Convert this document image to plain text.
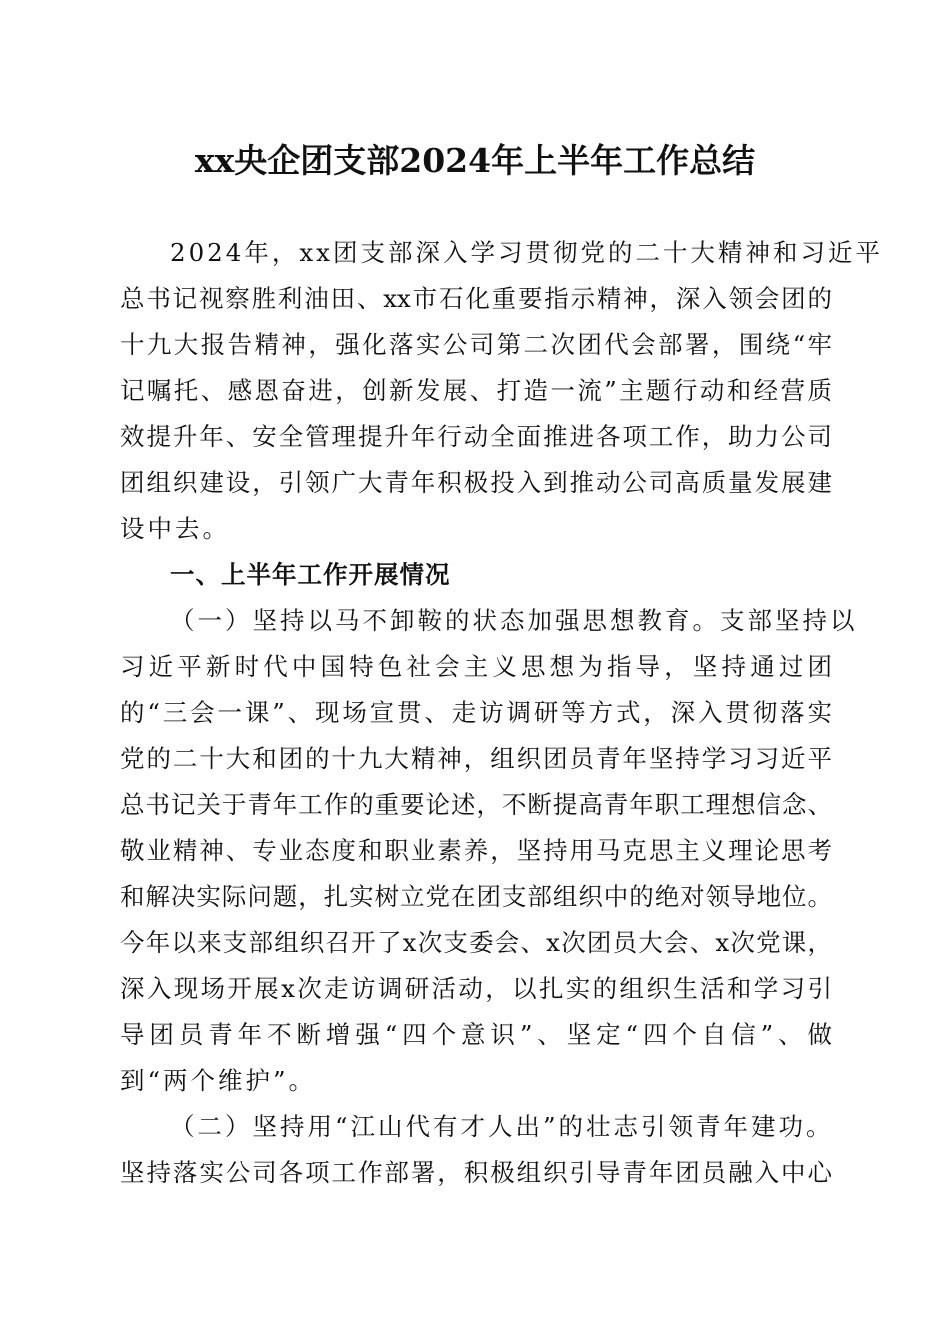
xx央企团支部2024年上半年工作总结
2024年，xx团支部深入学习贯彻党的二十大精神和习近平
总书记视察胜利油田、xx市石化重要指示精神，深入领会团的
十九大报告精神，强化落实公司第二次团代会部署，围绕“牢
记嘱托、感恩奋进，创新发展、打造一流”主题行动和经营质
效提升年、安全管理提升年行动全面推进各项工作，助力公司
团组织建设，引领广大青年积极投入到推动公司高质量发展建
设中去。
一、上半年工作开展情况
（一）坚持以马不卸鞍的状态加强思想教育。支部坚持以
习近平新时代中国特色社会主义思想为指导，坚持通过团
的“三会一课”、现场宣贯、走访调研等方式，深入贯彻落实
党的二十大和团的十九大精神，组织团员青年坚持学习习近平
总书记关于青年工作的重要论述，不断提高青年职工理想信念、
敬业精神、专业态度和职业素养，坚持用马克思主义理论思考
和解决实际问题，扎实树立党在团支部组织中的绝对领导地位。
今年以来支部组织召开了x次支委会、x次团员大会、x次党课，
深入现场开展x次走访调研活动，以扎实的组织生活和学习引
导团员青年不断增强“四个意识”、坚定“四个自信”、做
到“两个维护”。
（二）坚持用“江山代有才人出”的壮志引领青年建功。
坚持落实公司各项工作部署，积极组织引导青年团员融入中心
